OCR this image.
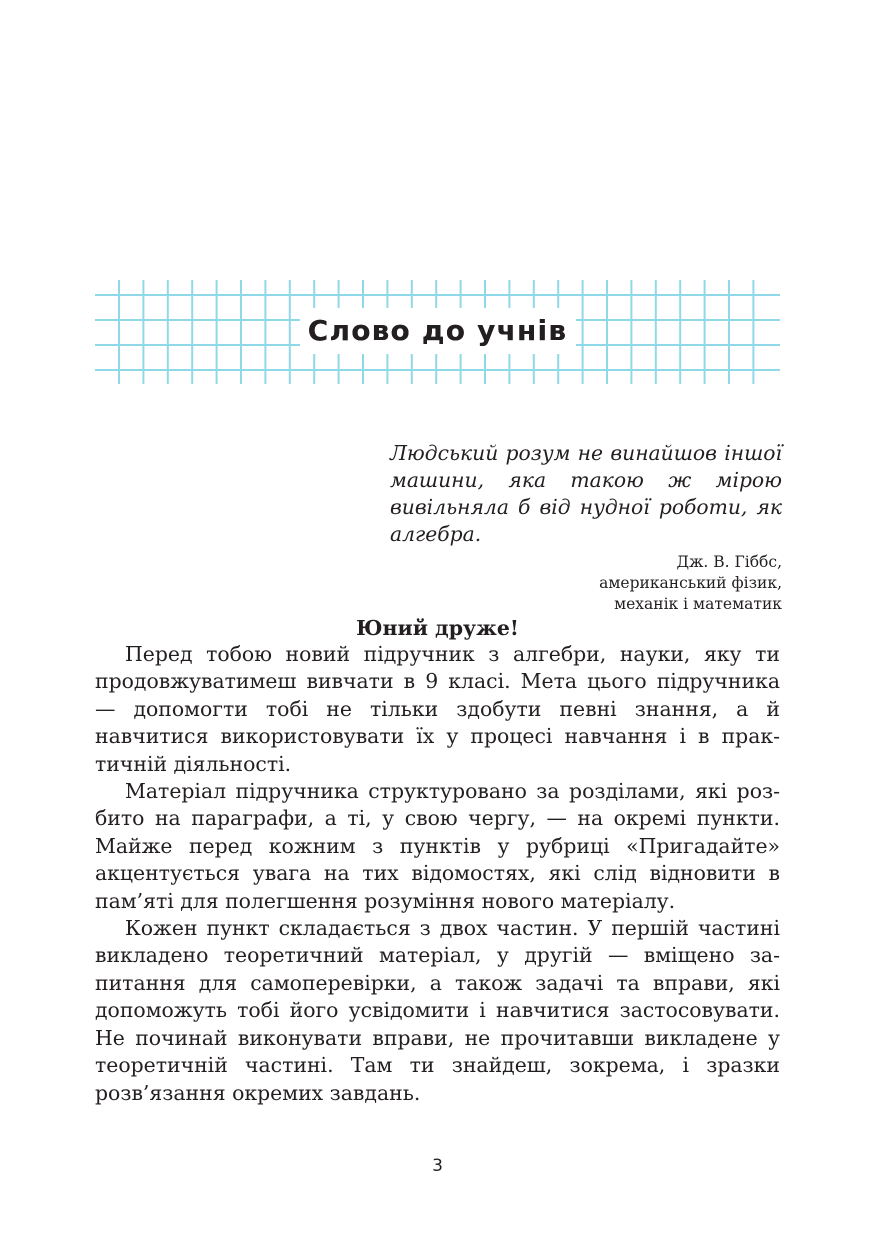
Слово до учнів

Людський розум не винайшов іншої машини, яка такою ж мірою вивільняла б від нудної роботи, як алгебра.

Дж. В. Гіббс,
американський фізик,
механік і математик

Юний друже!

Перед тобою новий підручник з алгебри, науки, яку ти продовжуватимеш вивчати в 9 класі. Мета цього підручника — допомогти тобі не тільки здобути певні знання, а й навчитися використовувати їх у процесі навчання і в практичній діяльності.

Матеріал підручника структуровано за розділами, які розбито на параграфи, а ті, у свою чергу, — на окремі пункти. Майже перед кожним з пунктів у рубриці «Пригадайте» акцентується увага на тих відомостях, які слід відновити в пам’яті для полегшення розуміння нового матеріалу.

Кожен пункт складається з двох частин. У першій частині викладено теоретичний матеріал, у другій — вміщено запитання для самоперевірки, а також задачі та вправи, які допоможуть тобі його усвідомити і навчитися застосовувати. Не починай виконувати вправи, не прочитавши викладене у теоретичній частині. Там ти знайдеш, зокрема, і зразки розв’язання окремих завдань.

3
